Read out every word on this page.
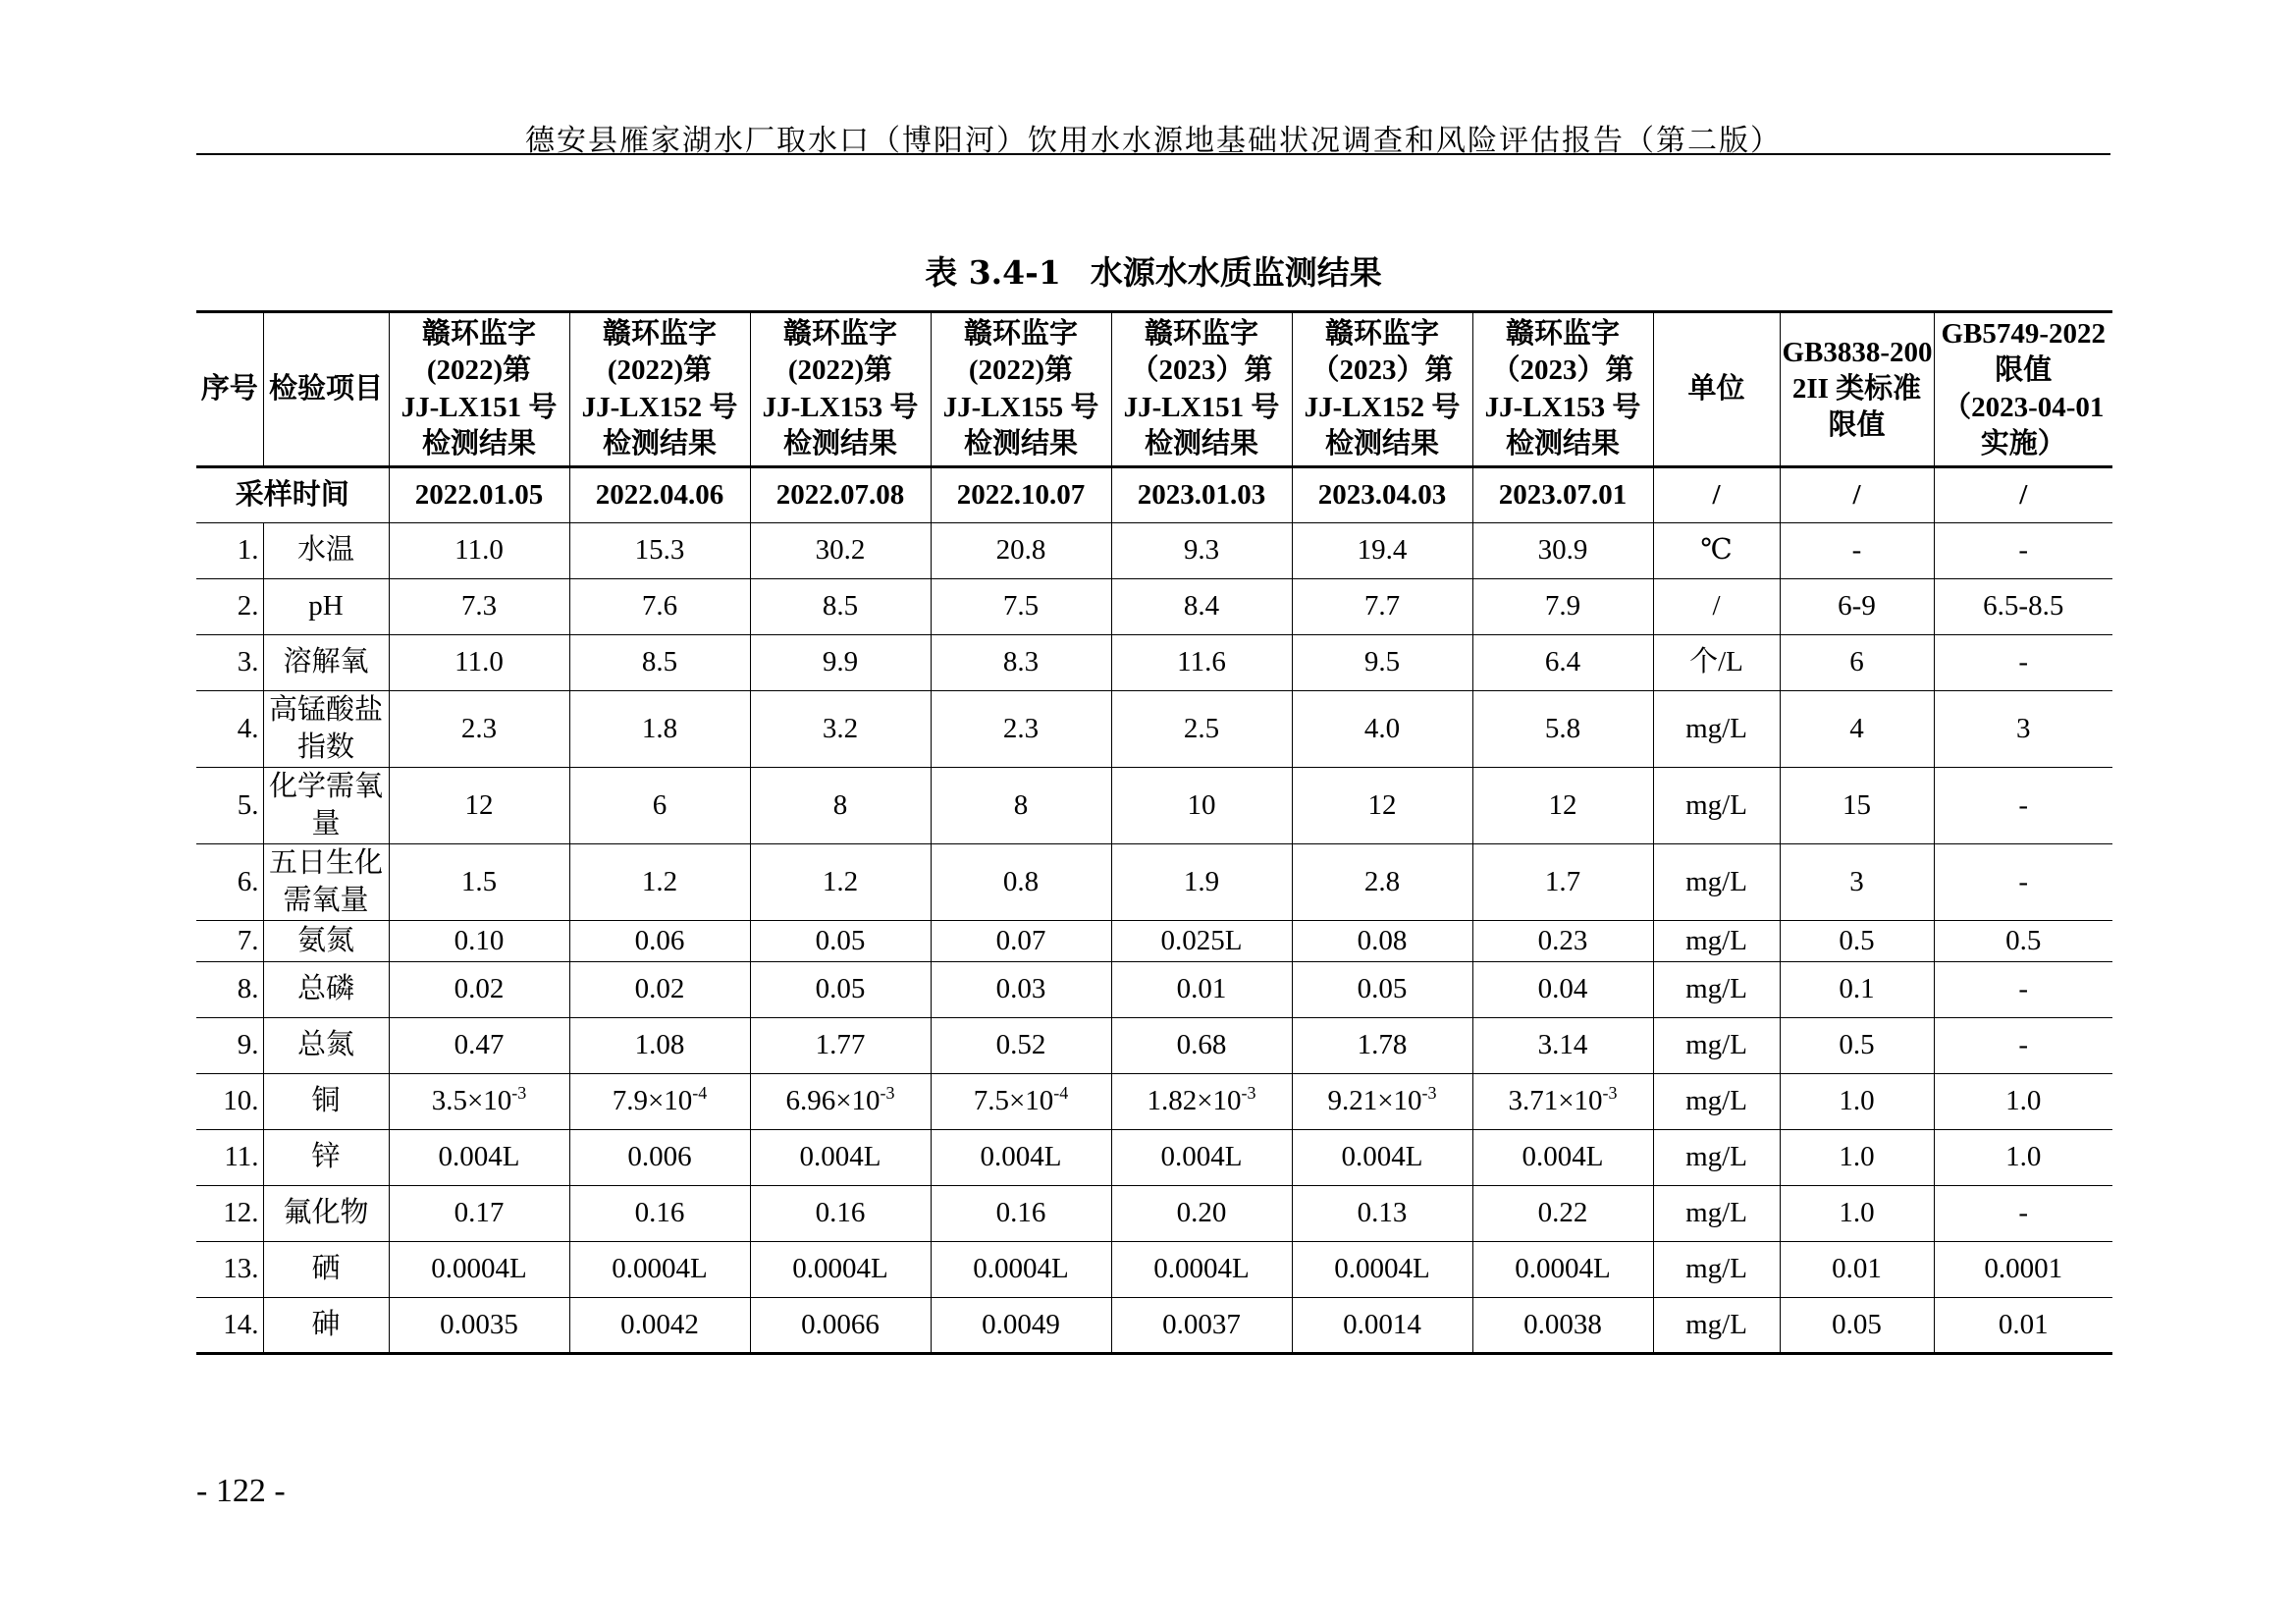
德安县雁家湖水厂取水口（博阳河）饮用水水源地基础状况调查和风险评估报告（第二版）
表 3.4-1 水源水水质监测结果
序号	检验项目	赣环监字
(2022)第
JJ-LX151 号
检测结果	赣环监字
(2022)第
JJ-LX152 号
检测结果	赣环监字
(2022)第
JJ-LX153 号
检测结果	赣环监字
(2022)第
JJ-LX155 号
检测结果	赣环监字
（2023）第
JJ-LX151 号
检测结果	赣环监字
（2023）第
JJ-LX152 号
检测结果	赣环监字
（2023）第
JJ-LX153 号
检测结果	单位	GB3838-200
2II 类标准
限值	GB5749-2022
限值
（2023-04-01
实施）

采样时间		2022.01.05	2022.04.06	2022.07.08	2022.10.07	2023.01.03	2023.04.03	2023.07.01	/	/	/
1.	水温	11.0	15.3	30.2	20.8	9.3	19.4	30.9	℃	-	-
2.	pH	7.3	7.6	8.5	7.5	8.4	7.7	7.9	/	6-9	6.5-8.5
3.	溶解氧	11.0	8.5	9.9	8.3	11.6	9.5	6.4	个/L	6	-
4.	高锰酸盐指数	2.3	1.8	3.2	2.3	2.5	4.0	5.8	mg/L	4	3
5.	化学需氧量	12	6	8	8	10	12	12	mg/L	15	-
6.	五日生化需氧量	1.5	1.2	1.2	0.8	1.9	2.8	1.7	mg/L	3	-
7.	氨氮	0.10	0.06	0.05	0.07	0.025L	0.08	0.23	mg/L	0.5	0.5
8.	总磷	0.02	0.02	0.05	0.03	0.01	0.05	0.04	mg/L	0.1	-
9.	总氮	0.47	1.08	1.77	0.52	0.68	1.78	3.14	mg/L	0.5	-
10.	铜	$3.5\times 10^{-3}$	$7.9\times 10^{-4}$	$6.96\times 10^{-3}$	$7.5\times 10^{-4}$	$1.82\times 10^{-3}$	$9.21\times 10^{-3}$	$3.71\times 10^{-3}$	mg/L	1.0	1.0
11.	锌	0.004L	0.006	0.004L	0.004L	0.004L	0.004L	0.004L	mg/L	1.0	1.0
12.	氟化物	0.17	0.16	0.16	0.16	0.20	0.13	0.22	mg/L	1.0	-
13.	硒	0.0004L	0.0004L	0.0004L	0.0004L	0.0004L	0.0004L	0.0004L	mg/L	0.01	0.0001
14.	砷	0.0035	0.0042	0.0066	0.0049	0.0037	0.0014	0.0038	mg/L	0.05	0.01
- 122 -
